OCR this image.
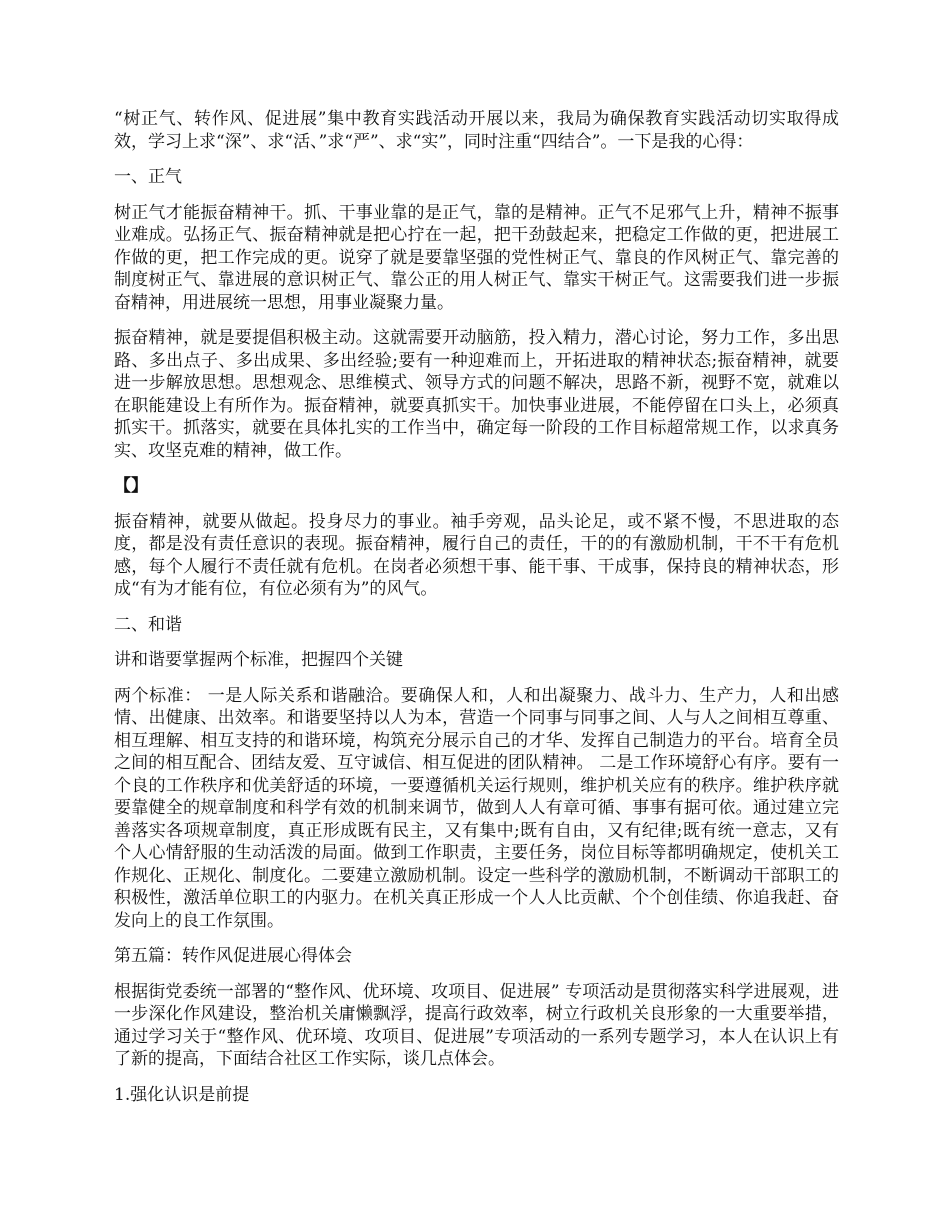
“树正气、转作风、促进展”集中教育实践活动开展以来，我局为确保教育实践活动切实取得成效，学习上求“深”、求“活、”求“严”、求“实”，同时注重“四结合”。一下是我的心得：

一、正气

树正气才能振奋精神干。抓、干事业靠的是正气，靠的是精神。正气不足邪气上升，精神不振事业难成。弘扬正气、振奋精神就是把心拧在一起，把干劲鼓起来，把稳定工作做的更，把进展工作做的更，把工作完成的更。说穿了就是要靠坚强的党性树正气、靠良的作风树正气、靠完善的制度树正气、靠进展的意识树正气、靠公正的用人树正气、靠实干树正气。这需要我们进一步振奋精神，用进展统一思想，用事业凝聚力量。

振奋精神，就是要提倡积极主动。这就需要开动脑筋，投入精力，潜心讨论，努力工作，多出思路、多出点子、多出成果、多出经验;要有一种迎难而上，开拓进取的精神状态;振奋精神，就要进一步解放思想。思想观念、思维模式、领导方式的问题不解决，思路不新，视野不宽，就难以在职能建设上有所作为。振奋精神，就要真抓实干。加快事业进展，不能停留在口头上，必须真抓实干。抓落实，就要在具体扎实的工作当中，确定每一阶段的工作目标超常规工作，以求真务实、攻坚克难的精神，做工作。

【】

振奋精神，就要从做起。投身尽力的事业。袖手旁观，品头论足，或不紧不慢，不思进取的态度，都是没有责任意识的表现。振奋精神，履行自己的责任，干的的有激励机制，干不干有危机感，每个人履行不责任就有危机。在岗者必须想干事、能干事、干成事，保持良的精神状态，形成“有为才能有位，有位必须有为”的风气。

二、和谐

讲和谐要掌握两个标准，把握四个关键

两个标准： 一是人际关系和谐融洽。要确保人和，人和出凝聚力、战斗力、生产力，人和出感情、出健康、出效率。和谐要坚持以人为本，营造一个同事与同事之间、人与人之间相互尊重、相互理解、相互支持的和谐环境，构筑充分展示自己的才华、发挥自己制造力的平台。培育全员之间的相互配合、团结友爱、互守诚信、相互促进的团队精神。 二是工作环境舒心有序。要有一个良的工作秩序和优美舒适的环境，一要遵循机关运行规则，维护机关应有的秩序。维护秩序就要靠健全的规章制度和科学有效的机制来调节，做到人人有章可循、事事有据可依。通过建立完善落实各项规章制度，真正形成既有民主，又有集中;既有自由，又有纪律;既有统一意志，又有个人心情舒服的生动活泼的局面。做到工作职责，主要任务，岗位目标等都明确规定，使机关工作规化、正规化、制度化。二要建立激励机制。设定一些科学的激励机制，不断调动干部职工的积极性，激活单位职工的内驱力。在机关真正形成一个人人比贡献、个个创佳绩、你追我赶、奋发向上的良工作氛围。

第五篇：转作风促进展心得体会

根据街党委统一部署的“整作风、优环境、攻项目、促进展” 专项活动是贯彻落实科学进展观，进一步深化作风建设，整治机关庸懒飘浮，提高行政效率，树立行政机关良形象的一大重要举措，通过学习关于“整作风、优环境、攻项目、促进展”专项活动的一系列专题学习，本人在认识上有了新的提高，下面结合社区工作实际，谈几点体会。

1.强化认识是前提
